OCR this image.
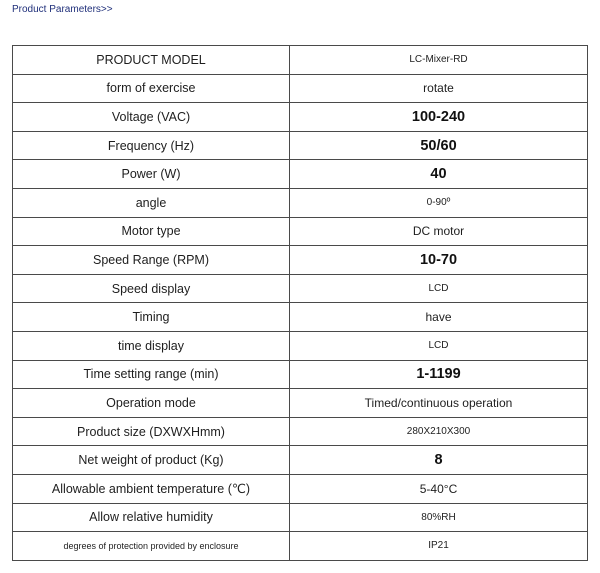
Product Parameters>>
PRODUCT MODEL	LC-Mixer-RD
form of exercise	rotate
Voltage (VAC)	100-240
Frequency (Hz)	50/60
Power (W)	40
angle	0-90º
Motor type	DC motor
Speed Range (RPM)	10-70
Speed display	LCD
Timing	have
time display	LCD
Time setting range (min)	1-1199
Operation mode	Timed/continuous operation
Product size (DXWXHmm)	280X210X300
Net weight of product (Kg)	8
Allowable ambient temperature (℃)	5-40°C
Allow relative humidity	80%RH
degrees of protection provided by enclosure	IP21
